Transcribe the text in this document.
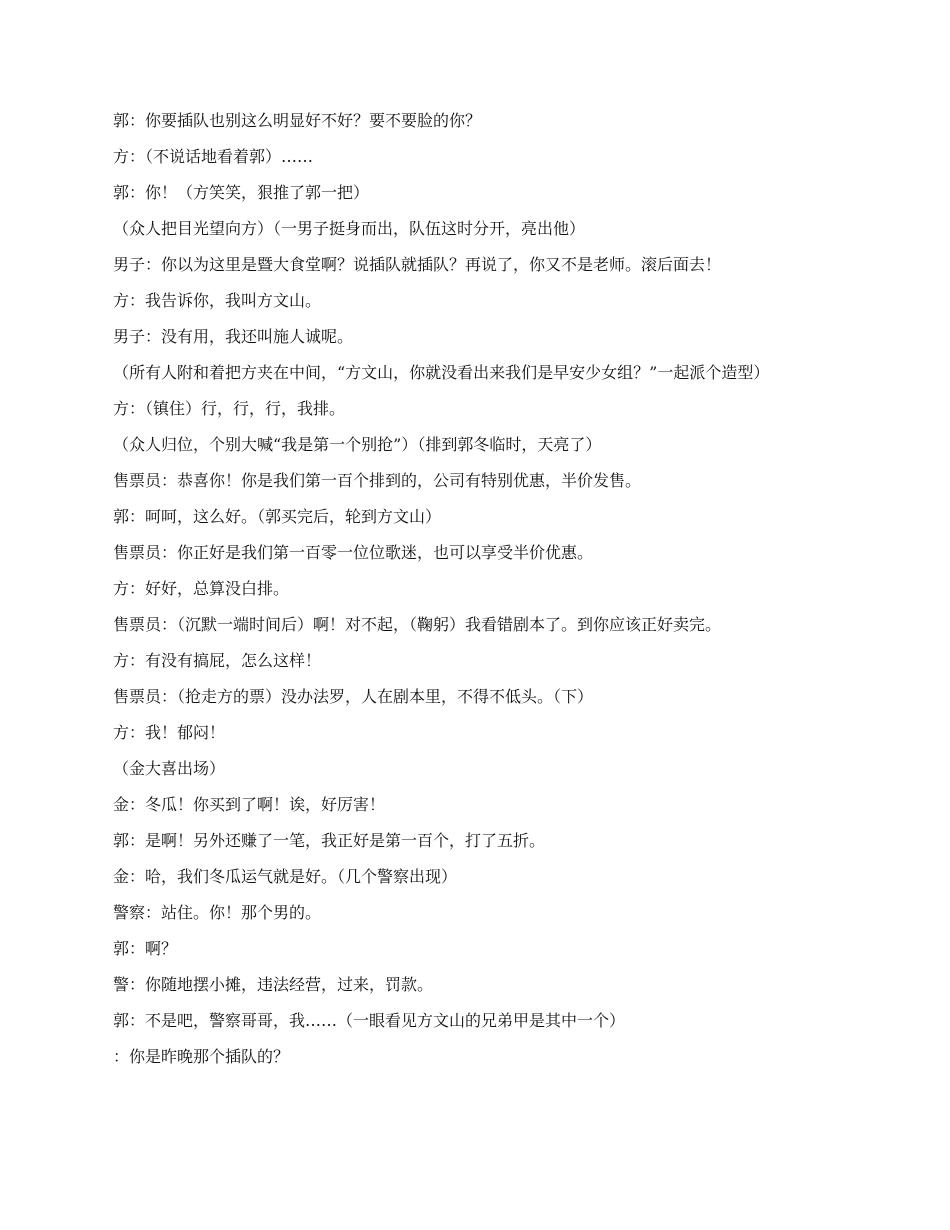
郭：你要插队也别这么明显好不好？要不要脸的你？

方：（不说话地看着郭）……

郭：你！（方笑笑，狠推了郭一把）

（众人把目光望向方）（一男子挺身而出，队伍这时分开，亮出他）

男子：你以为这里是暨大食堂啊？说插队就插队？再说了，你又不是老师。滚后面去！

方：我告诉你，我叫方文山。

男子：没有用，我还叫施人诚呢。

（所有人附和着把方夹在中间，“方文山，你就没看出来我们是早安少女组？”一起派个造型）

方：（镇住）行，行，行，我排。

（众人归位，个别大喊“我是第一个别抢”）（排到郭冬临时，天亮了）

售票员：恭喜你！你是我们第一百个排到的，公司有特别优惠，半价发售。

郭：呵呵，这么好。（郭买完后，轮到方文山）

售票员：你正好是我们第一百零一位位歌迷，也可以享受半价优惠。

方：好好，总算没白排。

售票员：（沉默一端时间后）啊！对不起，（鞠躬）我看错剧本了。到你应该正好卖完。

方：有没有搞屁，怎么这样！

售票员：（抢走方的票）没办法罗，人在剧本里，不得不低头。（下）

方：我！郁闷！

（金大喜出场）

金：冬瓜！你买到了啊！诶，好厉害！

郭：是啊！另外还赚了一笔，我正好是第一百个，打了五折。

金：哈，我们冬瓜运气就是好。（几个警察出现）

警察：站住。你！那个男的。

郭：啊？

警：你随地摆小摊，违法经营，过来，罚款。

郭：不是吧，警察哥哥，我……（一眼看见方文山的兄弟甲是其中一个）

：你是昨晚那个插队的？
